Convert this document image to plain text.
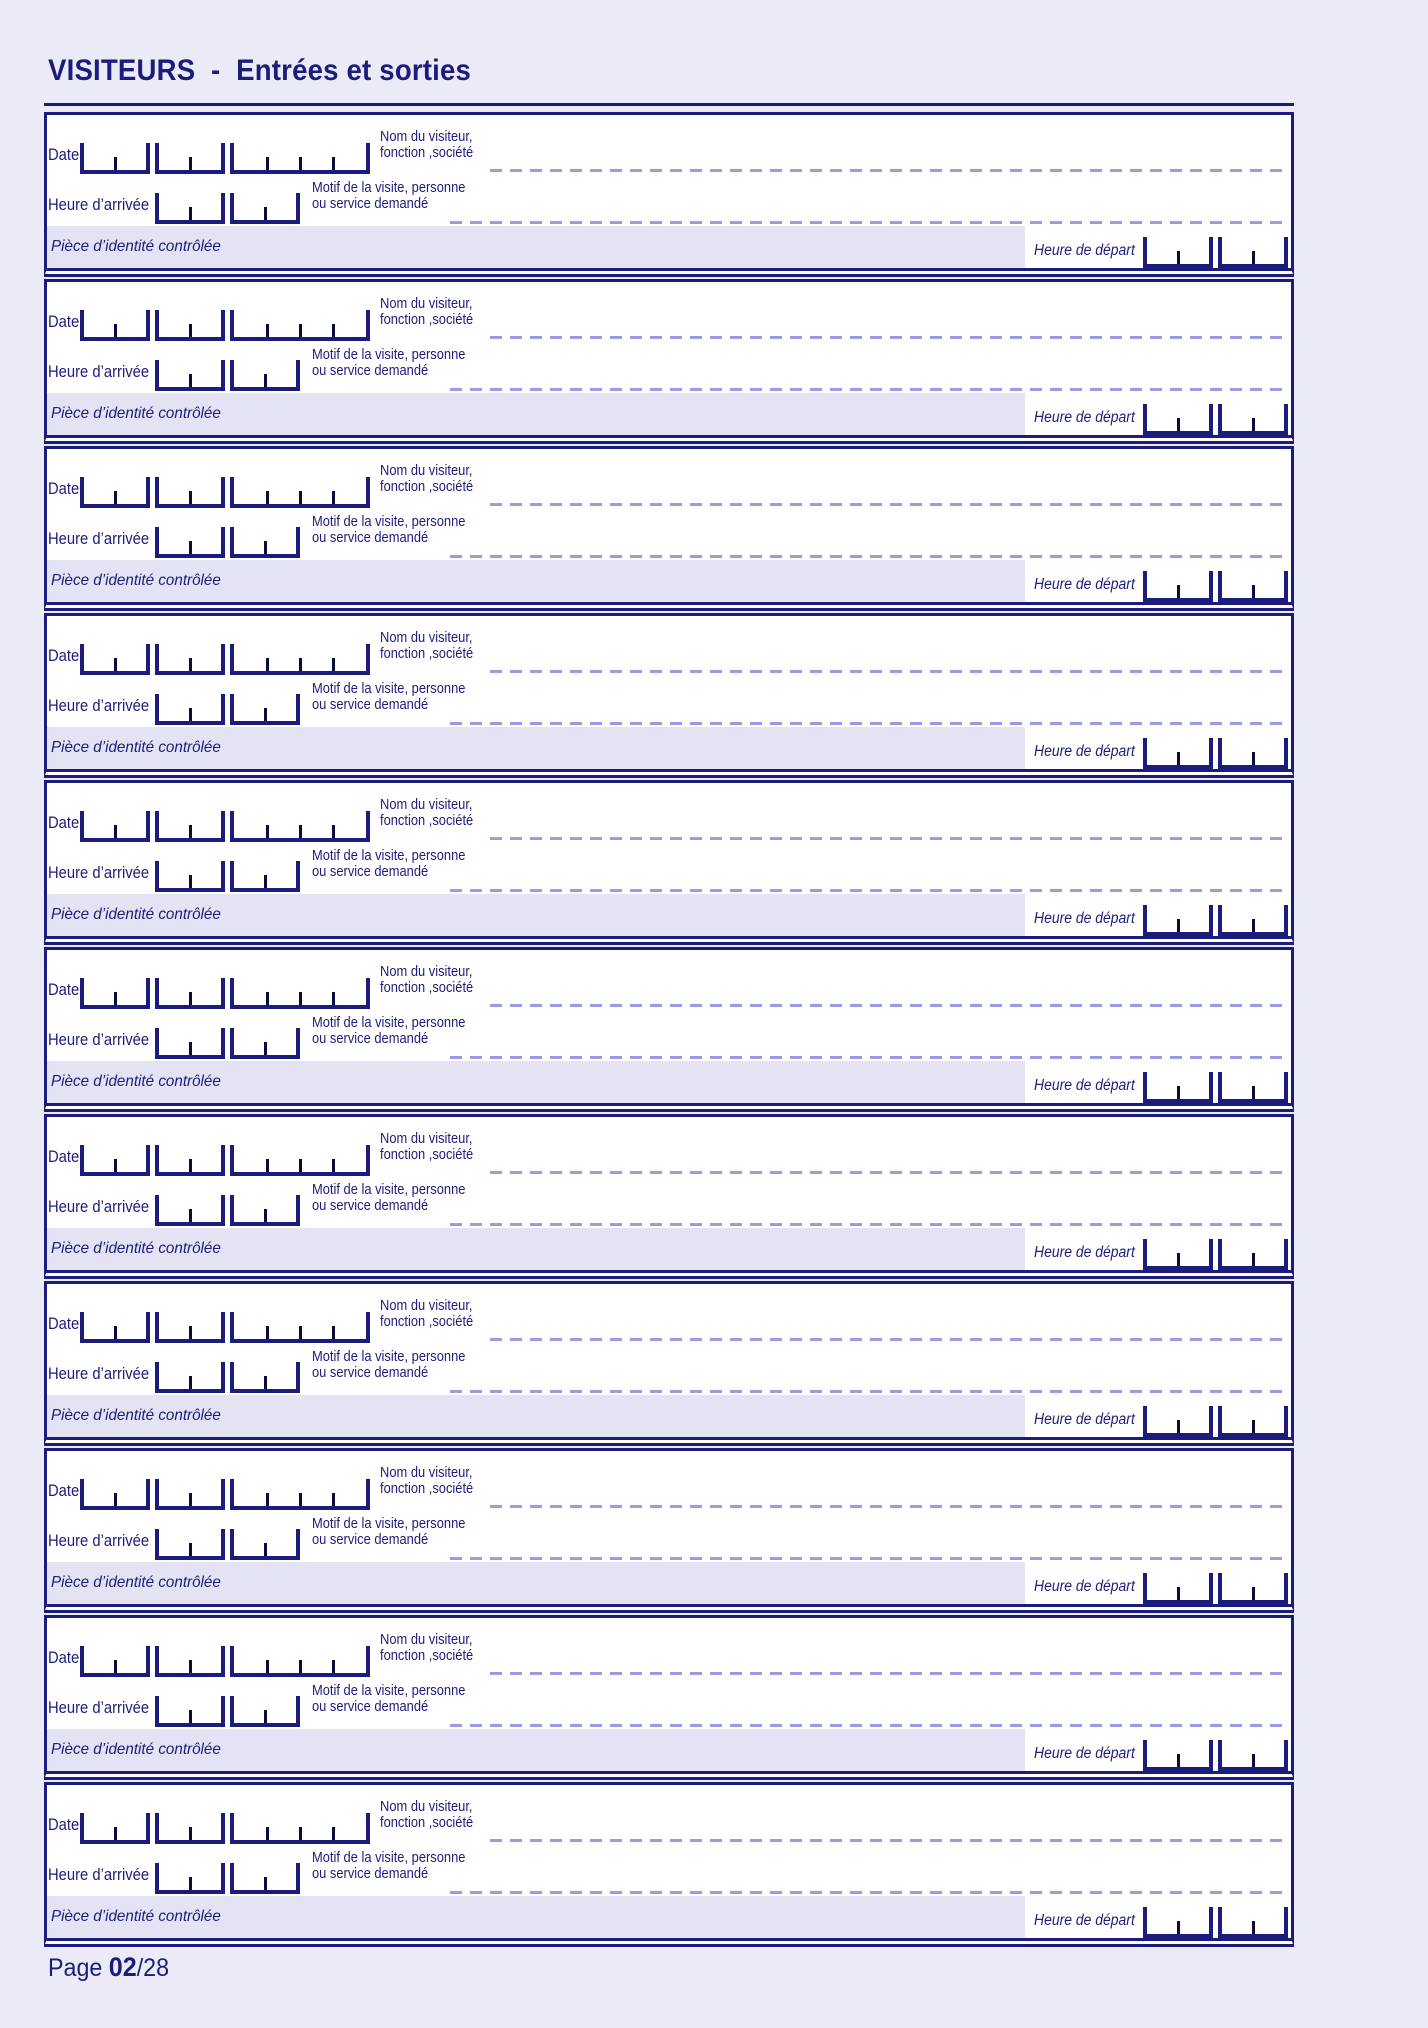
VISITEURS  -  Entrées et sorties
Date
Nom du visiteur,
fonction ,société
Heure d’arrivée
Motif de la visite, personne
ou service demandé
Pièce d’identité contrôlée	Heure de départ
Date
Nom du visiteur,
fonction ,société
Heure d’arrivée
Motif de la visite, personne
ou service demandé
Pièce d’identité contrôlée	Heure de départ
Date
Nom du visiteur,
fonction ,société
Heure d’arrivée
Motif de la visite, personne
ou service demandé
Pièce d’identité contrôlée	Heure de départ
Date
Nom du visiteur,
fonction ,société
Heure d’arrivée
Motif de la visite, personne
ou service demandé
Pièce d’identité contrôlée	Heure de départ
Date
Nom du visiteur,
fonction ,société
Heure d’arrivée
Motif de la visite, personne
ou service demandé
Pièce d’identité contrôlée	Heure de départ
Date
Nom du visiteur,
fonction ,société
Heure d’arrivée
Motif de la visite, personne
ou service demandé
Pièce d’identité contrôlée	Heure de départ
Date
Nom du visiteur,
fonction ,société
Heure d’arrivée
Motif de la visite, personne
ou service demandé
Pièce d’identité contrôlée	Heure de départ
Date
Nom du visiteur,
fonction ,société
Heure d’arrivée
Motif de la visite, personne
ou service demandé
Pièce d’identité contrôlée	Heure de départ
Date
Nom du visiteur,
fonction ,société
Heure d’arrivée
Motif de la visite, personne
ou service demandé
Pièce d’identité contrôlée	Heure de départ
Date
Nom du visiteur,
fonction ,société
Heure d’arrivée
Motif de la visite, personne
ou service demandé
Pièce d’identité contrôlée	Heure de départ
Date
Nom du visiteur,
fonction ,société
Heure d’arrivée
Motif de la visite, personne
ou service demandé
Pièce d’identité contrôlée	Heure de départ
Page 02/28
